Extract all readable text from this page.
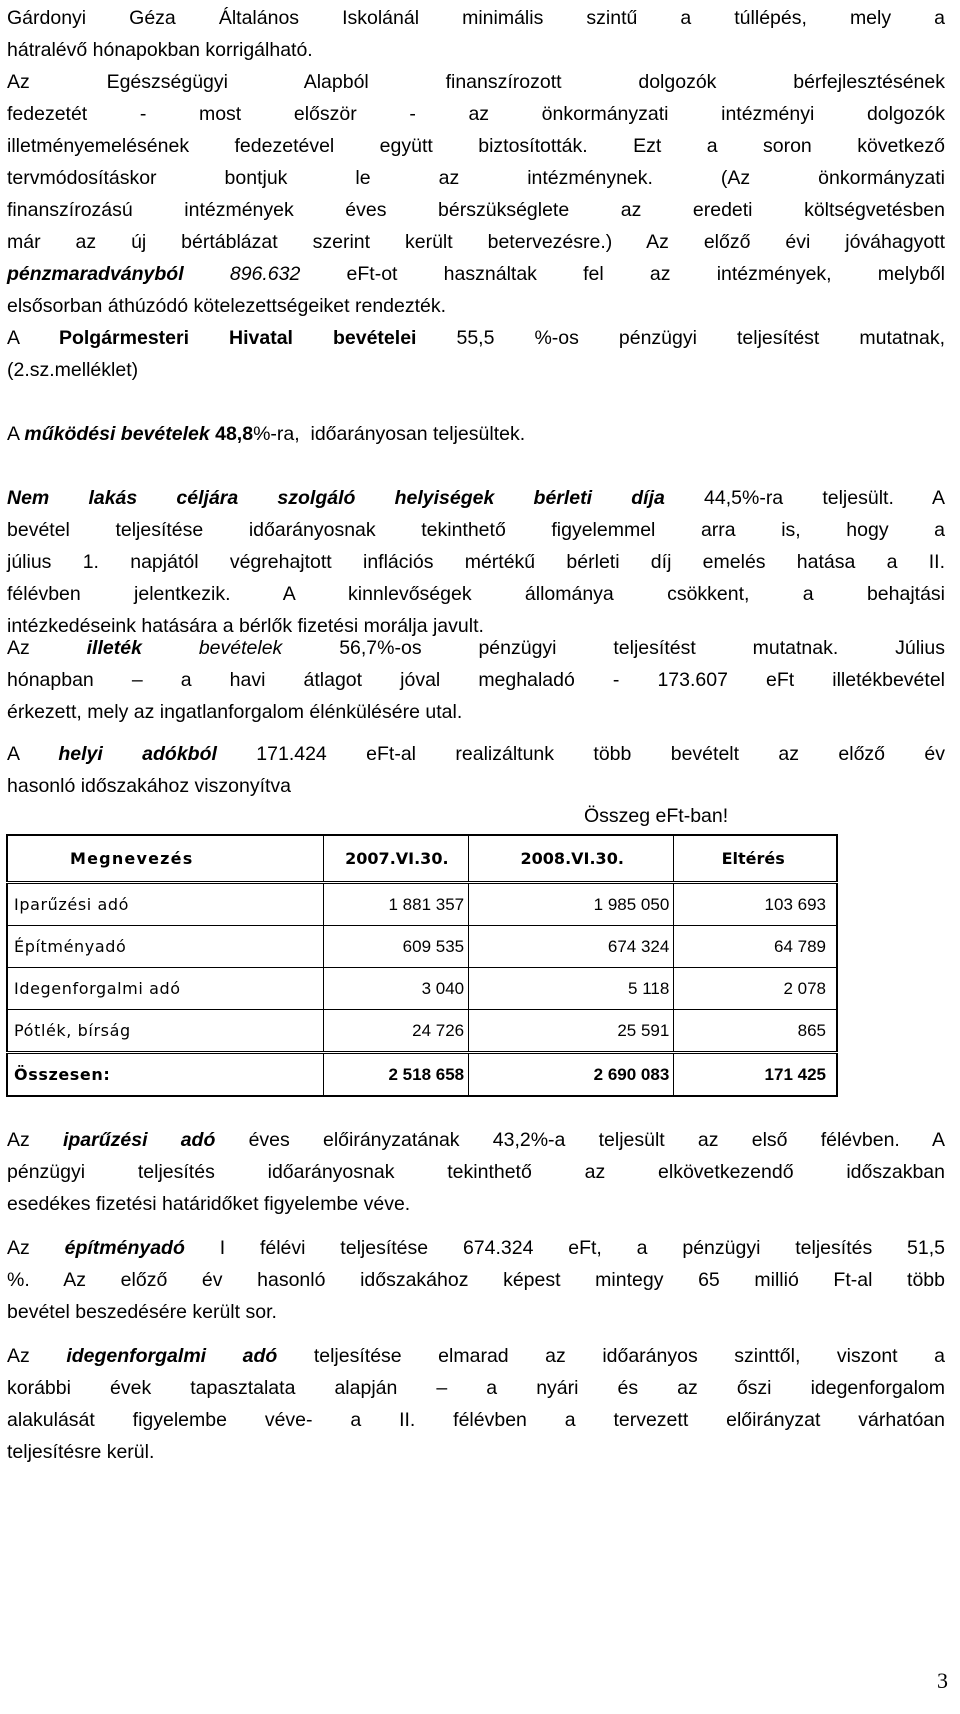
Gárdonyi Géza Általános Iskolánál minimális szintű a túllépés, mely a
hátralévő hónapokban korrigálható.
Az Egészségügyi Alapból finanszírozott dolgozók bérfejlesztésének
fedezetét - most először - az önkormányzati intézményi dolgozók
illetményemelésének fedezetével együtt biztosították. Ezt a soron következő
tervmódosításkor bontjuk le az intézménynek. (Az önkormányzati
finanszírozású intézmények éves bérszükséglete az eredeti költségvetésben
már az új bértáblázat szerint került betervezésre.) Az előző évi jóváhagyott
pénzmaradványból 896.632 eFt-ot használtak fel az intézmények, melyből
elsősorban áthúzódó kötelezettségeiket rendezték.
A Polgármesteri Hivatal bevételei 55,5 %-os pénzügyi teljesítést mutatnak,
(2.sz.melléklet)
A működési bevételek 48,8%-ra,  időarányosan teljesültek.
Nem lakás céljára szolgáló helyiségek bérleti díja 44,5%-ra teljesült. A
bevétel teljesítése időarányosnak tekinthető figyelemmel arra is, hogy a
július 1. napjától végrehajtott inflációs mértékű bérleti díj emelés hatása a II.
félévben jelentkezik. A kinnlevőségek állománya csökkent, a behajtási
intézkedéseink hatására a bérlők fizetési morálja javult.
Az illeték	bevételek 56,7%-os pénzügyi teljesítést mutatnak. Július
hónapban – a havi átlagot jóval meghaladó - 173.607 eFt illetékbevétel
érkezett, mely az ingatlanforgalom élénkülésére utal.
A helyi adókból 171.424 eFt-al realizáltunk több bevételt az előző év
hasonló időszakához viszonyítva
Összeg eFt-ban!
Megnevezés	2007.VI.30.	2008.VI.30.	Eltérés
Iparűzési adó	1 881 357	1 985 050	103 693
Építményadó	609 535	674 324	64 789
Idegenforgalmi adó	3 040	5 118	2 078
Pótlék, bírság	24 726	25 591	865
Összesen:	2 518 658	2 690 083	171 425
Az iparűzési adó éves előirányzatának 43,2%-a teljesült az első félévben. A
pénzügyi teljesítés időarányosnak tekinthető az elkövetkezendő időszakban
esedékes fizetési határidőket figyelembe véve.
Az építményadó I félévi teljesítése 674.324 eFt, a pénzügyi teljesítés 51,5
%. Az előző év hasonló időszakához képest mintegy 65 millió Ft-al több
bevétel beszedésére került sor.
Az idegenforgalmi adó teljesítése elmarad az időarányos szinttől, viszont a
korábbi évek tapasztalata alapján – a nyári és az őszi idegenforgalom
alakulását figyelembe véve- a II. félévben a tervezett előirányzat várhatóan
teljesítésre kerül.
3
